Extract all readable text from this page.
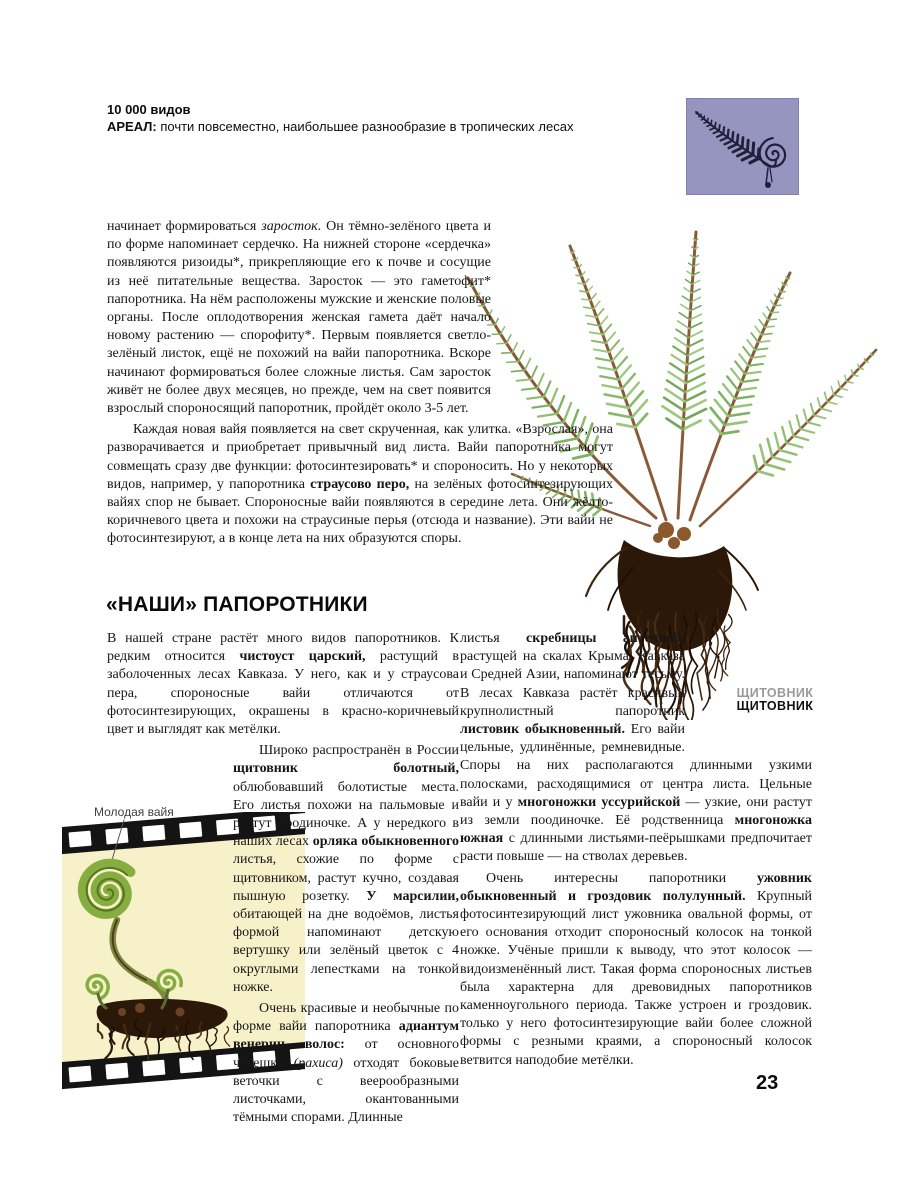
10 000 видов
АРЕАЛ: почти повсеместно, наибольшее разнообразие в тропических лесах

начинает формироваться заросток. Он тёмно-зелёного цвета и по форме напоминает сердечко. На нижней стороне «сердечка» появляются ризоиды*, прикрепляющие его к почве и сосущие из неё питательные вещества. Заросток — это гаметофит* папоротника. На нём расположены мужские и женские половые органы. После оплодотворения женская гамета даёт начало новому растению — спорофиту*. Первым появляется светло-зелёный листок, ещё не похожий на вайи папоротника. Вскоре начинают формироваться более сложные листья. Сам заросток живёт не более двух месяцев, но прежде, чем на свет появится взрослый спороносящий папоротник, пройдёт около 3-5 лет.

Каждая новая вайя появляется на свет скрученная, как улитка. «Взрослая», она разворачивается и приобретает привычный вид листа. Вайи папоротника могут совмещать сразу две функции: фотосинтезировать* и спороносить. Но у некоторых видов, например, у папоротника страусово перо, на зелёных фотосинтезирующих вайях спор не бывает. Спороносные вайи появляются в середине лета. Они жёлто-коричневого цвета и похожи на страусиные перья (отсюда и название). Эти вайи не фотосинтезируют, а в конце лета на них образуются споры.

«НАШИ» ПАПОРОТНИКИ

В нашей стране растёт много видов папоротников. К редким относится чистоуст царский, растущий в заболоченных лесах Кавказа. У него, как и у страусова пера, спороносные вайи отличаются от фотосинтезирующих, окрашены в красно-коричневый цвет и выглядят как метёлки.

Широко распространён в России щитовник болотный, облюбовавший болотистые места. Его листья похожи на пальмовые и растут поодиночке. А у нередкого в наших лесах орляка обыкновенного листья, схожие по форме с щитовником, растут кучно, создавая пышную розетку. У марсилии, обитающей на дне водоёмов, листья формой напоминают детскую вертушку или зелёный цветок с 4 округлыми лепестками на тонкой ножке.

Очень красивые и необычные по форме вайи папоротника адиантум венерин волос: от основного черешка (рахиса) отходят боковые веточки с веерообразными листочками, окантованными тёмными спорами. Длинные

листья скребницы аптечной, растущей на скалах Крыма, Кавказа и Средней Азии, напоминают тесьму. В лесах Кавказа растёт красивый крупнолистный папоротник листовик обыкновенный. Его вайи цельные, удлинённые, ремневидные. Споры на них располагаются длинными узкими полосками, расходящимися от центра листа. Цельные вайи и у многоножки уссурийской — узкие, они растут из земли поодиночке. Её родственница многоножка южная с длинными листьями-пеёрышками предпочитает расти повыше — на стволах деревьев.

Очень интересны папоротники ужовник обыкновенный и гроздовик полулунный. Крупный фотосинтезирующий лист ужовника овальной формы, от его основания отходит спороносный колосок на тонкой ножке. Учёные пришли к выводу, что этот колосок — видоизменённый лист. Такая форма спороносных листьев была характерна для древовидных папоротников каменноугольного периода. Также устроен и гроздовик. только у него фотосинтезирующие вайи более сложной формы с резными краями, а спороносный колосок ветвится наподобие метёлки.

ЩИТОВНИК
ЩИТОВНИК
Молодая вайя
23
